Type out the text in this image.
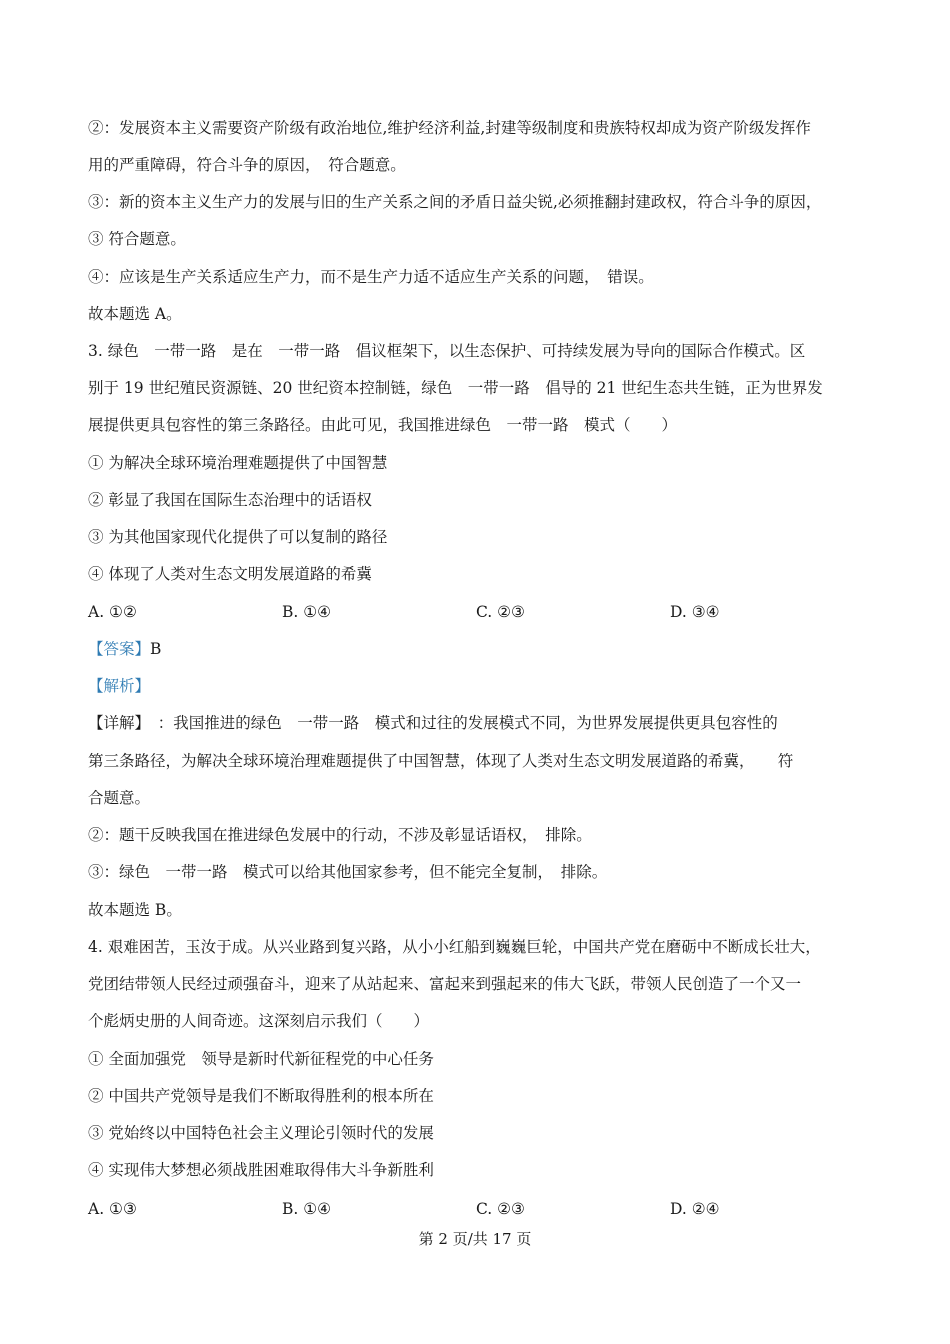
②：发展资本主义需要资产阶级有政治地位,维护经济利益,封建等级制度和贵族特权却成为资产阶级发挥作
用的严重障碍，符合斗争的原因，　符合题意。
③：新的资本主义生产力的发展与旧的生产关系之间的矛盾日益尖锐,必须推翻封建政权，符合斗争的原因，
③ 符合题意。
④：应该是生产关系适应生产力，而不是生产力适不适应生产关系的问题，　错误。
故本题选 A。
3. 绿色　一带一路　是在　一带一路　倡议框架下，以生态保护、可持续发展为导向的国际合作模式。区
别于 19 世纪殖民资源链、20 世纪资本控制链，绿色　一带一路　倡导的 21 世纪生态共生链，正为世界发
展提供更具包容性的第三条路径。由此可见，我国推进绿色　一带一路　模式（　　）
① 为解决全球环境治理难题提供了中国智慧
② 彰显了我国在国际生态治理中的话语权
③ 为其他国家现代化提供了可以复制的路径
④ 体现了人类对生态文明发展道路的希冀
A. ①②	B. ①④	C. ②③	D. ③④
【答案】B
【解析】
【详解】　：我国推进的绿色　一带一路　模式和过往的发展模式不同，为世界发展提供更具包容性的
第三条路径，为解决全球环境治理难题提供了中国智慧，体现了人类对生态文明发展道路的希冀，　　符
合题意。
②：题干反映我国在推进绿色发展中的行动，不涉及彰显话语权，　排除。
③：绿色　一带一路　模式可以给其他国家参考，但不能完全复制，　排除。
故本题选 B。
4. 艰难困苦，玉汝于成。从兴业路到复兴路，从小小红船到巍巍巨轮，中国共产党在磨砺中不断成长壮大，
党团结带领人民经过顽强奋斗，迎来了从站起来、富起来到强起来的伟大飞跃，带领人民创造了一个又一
个彪炳史册的人间奇迹。这深刻启示我们（　　）
① 全面加强党　领导是新时代新征程党的中心任务
② 中国共产党领导是我们不断取得胜利的根本所在
③ 党始终以中国特色社会主义理论引领时代的发展
④ 实现伟大梦想必须战胜困难取得伟大斗争新胜利
A. ①③	B. ①④	C. ②③	D. ②④
第 2 页/共 17 页
